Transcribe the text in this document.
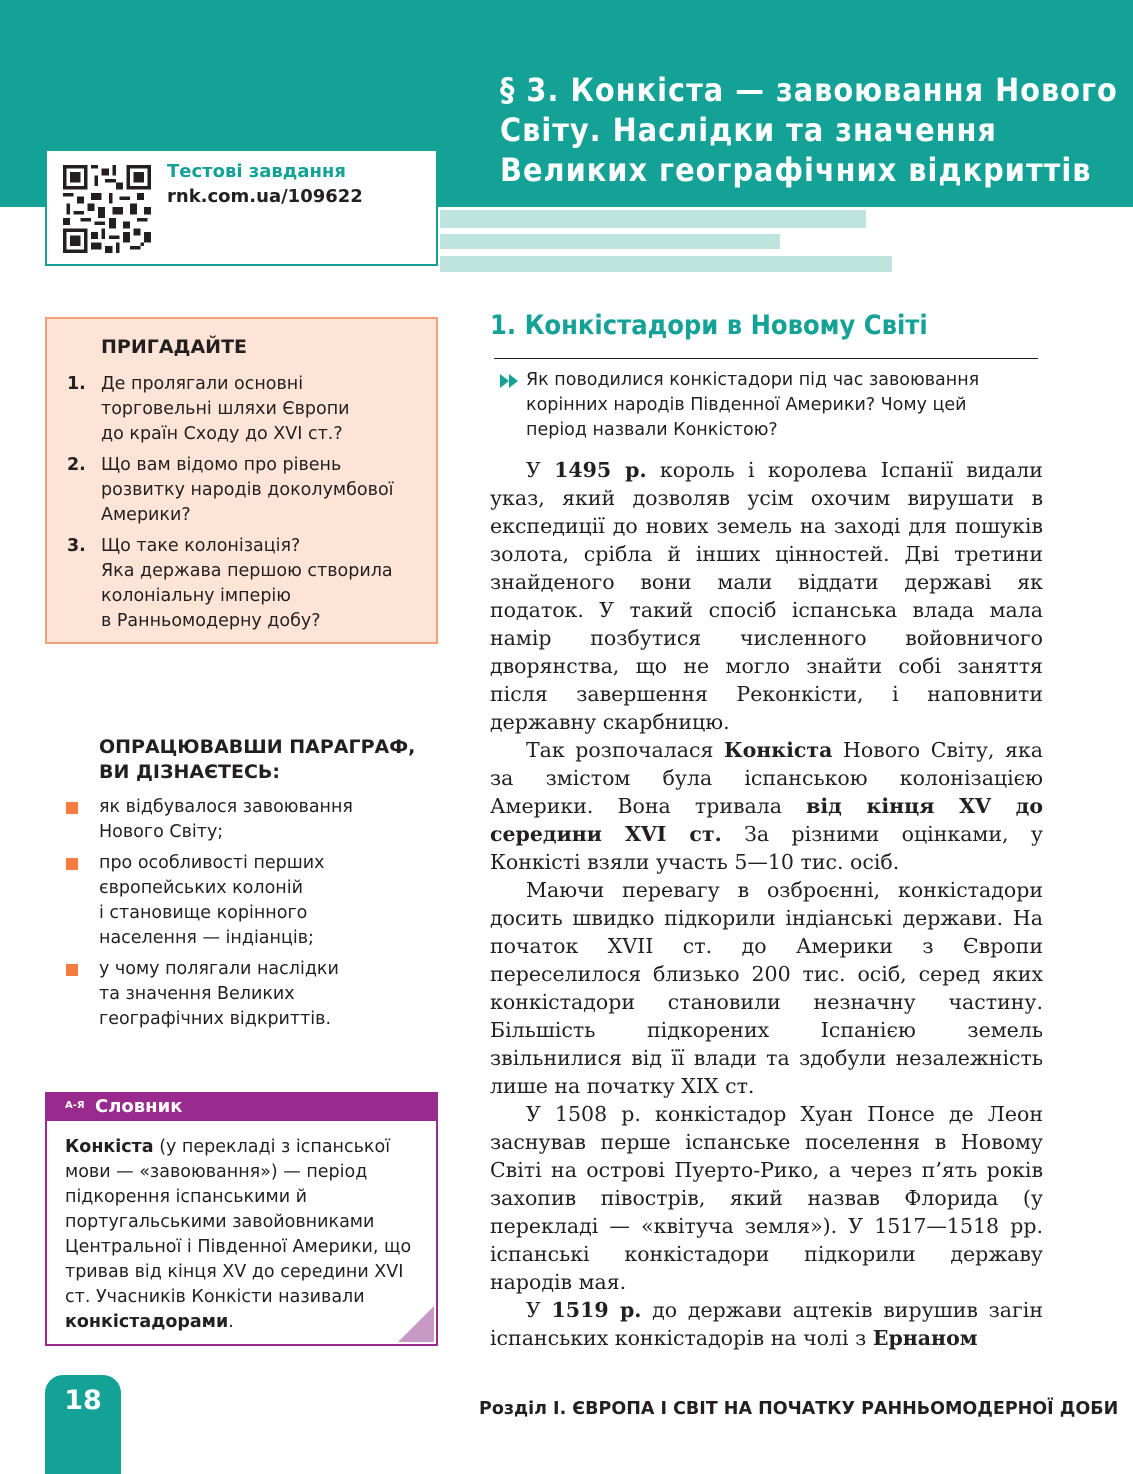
§ 3. Конкіста — завоювання Нового
Світу. Наслідки та значення
Великих географічних відкриттів
Тестові завдання
rnk.com.ua/109622
ПРИГАДАЙТЕ
1. Де пролягали основні
торговельні шляхи Європи
до країн Сходу до XVI ст.?
2. Що вам відомо про рівень
розвитку народів доколумбової
Америки?
3. Що таке колонізація?
Яка держава першою створила
колоніальну імперію
в Ранньомодерну добу?
ОПРАЦЮВАВШИ ПАРАГРАФ,
ВИ ДІЗНАЄТЕСЬ:
як відбувалося завоювання
Нового Світу;
про особливості перших
європейських колоній
і становище корінного
населення — індіанців;
у чому полягали наслідки
та значення Великих
географічних відкриттів.
А-Я Словник
Конкіста (у перекладі з іспанської мови — «завоювання») — період підкорення іспанськими й португальськими завойовниками Центральної і Південної Америки, що тривав від кінця XV до середини XVI ст. Учасників Конкісти називали конкістадорами.
1. Конкістадори в Новому Світі
Як поводилися конкістадори під час завоювання
корінних народів Південної Америки? Чому цей
період назвали Конкістою?

У 1495 р. король і королева Іспанії видали указ, який дозволяв усім охочим вирушати в експедиції до нових земель на заході для пошуків золота, срібла й інших цінностей. Дві третини знайденого вони мали віддати державі як податок. У такий спосіб іспанська влада мала намір позбутися численного войовничого дворянства, що не могло знайти собі заняття після завершення Реконкісти, і наповнити державну скарбницю.

Так розпочалася Конкіста Нового Світу, яка за змістом була іспанською колонізацією Америки. Вона тривала від кінця XV до середини XVI ст. За різними оцінками, у Конкісті взяли участь 5—10 тис. осіб.

Маючи перевагу в озброєнні, конкістадори досить швидко підкорили індіанські держави. На початок XVII ст. до Америки з Європи переселилося близько 200 тис. осіб, серед яких конкістадори становили незначну частину. Більшість підкорених Іспанією земель звільнилися від її влади та здобули незалежність лише на початку XIX ст.

У 1508 р. конкістадор Хуан Понсе де Леон заснував перше іспанське поселення в Новому Світі на острові Пуерто-Рико, а через п’ять років захопив півострів, який назвав Флорида (у перекладі — «квітуча земля»). У 1517—1518 рр. іспанські конкістадори підкорили державу народів мая.

У 1519 р. до держави ацтеків вирушив загін іспанських конкістадорів на чолі з Ернаном

18	Розділ І. ЄВРОПА І СВІТ НА ПОЧАТКУ РАННЬОМОДЕРНОЇ ДОБИ
